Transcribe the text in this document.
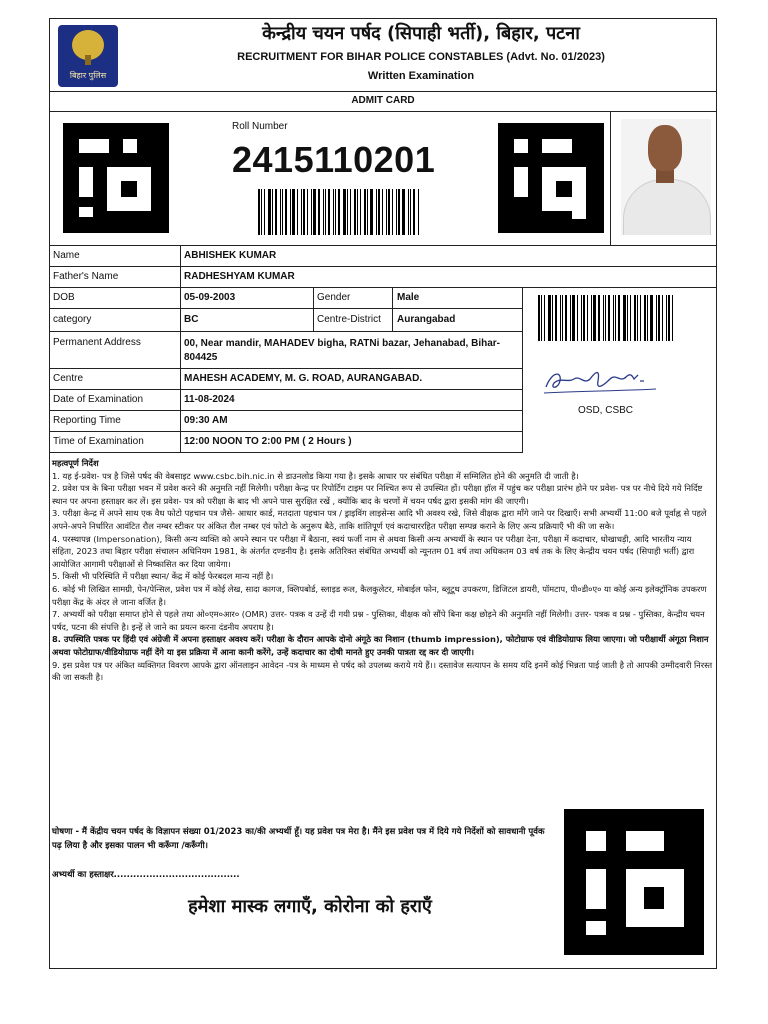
बिहार पुलिस
केन्द्रीय चयन पर्षद (सिपाही भर्ती), बिहार, पटना
RECRUITMENT FOR BIHAR POLICE CONSTABLES (Advt. No. 01/2023)
Written Examination
ADMIT CARD
Roll Number
2415110201
Name	ABHISHEK KUMAR
Father's Name	RADHESHYAM KUMAR
DOB	05-09-2003	Gender	Male
category	BC	Centre-District	Aurangabad
Permanent Address	00, Near mandir, MAHADEV bigha, RATNi bazar, Jehanabad, Bihar-804425
Centre	MAHESH ACADEMY, M. G. ROAD, AURANGABAD.
Date of Examination	11-08-2024
Reporting Time	09:30 AM
Time of Examination	12:00 NOON TO 2:00 PM ( 2 Hours )
OSD, CSBC

महत्वपूर्ण निर्देश

1. यह ई-प्रवेश- पत्र है जिसे पर्षद की वेबसाइट www.csbc.bih.nic.in से डाउनलोड किया गया है। इसके आधार पर संबंधित परीक्षा में सम्मिलित होने की अनुमति दी जाती है।

2. प्रवेश पत्र के बिना परीक्षा भवन में प्रवेश करने की अनुमति नहीं मिलेगी। परीक्षा केन्द्र पर रिपोर्टिंग टाइम पर निश्चित रूप से उपस्थित हों। परीक्षा हॉल में पहुंच कर परीक्षा प्रारंभ होने पर प्रवेश- पत्र पर नीचे दिये गये निर्दिष्ट स्थान पर अपना हस्ताक्षर कर लें। इस प्रवेश- पत्र को परीक्षा के बाद भी अपने पास सुरक्षित रखें , क्योंकि बाद के चरणों में चयन पर्षद द्वारा इसकी मांग की जाएगी।

3. परीक्षा केन्द्र में अपने साथ एक वैध फोटो पहचान पत्र जैसे- आधार कार्ड, मतदाता पहचान पत्र / ड्राइविंग लाइसेन्स आदि भी अवश्य रखे, जिसे वीक्षक द्वारा माँगे जाने पर दिखाएँ। सभी अभ्यर्थी 11:00 बजे पूर्वाह्न से पहले अपने-अपने निर्धारित आवंटित रौल नम्बर स्टीकर पर अंकित रौल नम्बर एवं फोटो के अनुरूप बैठे, ताकि शांतिपूर्ण एवं कदाचाररहित परीक्षा सम्पन्न कराने के लिए अन्य प्रक्रियाएँ भी की जा सके।

4. परस्थापन्न (Impersonation), किसी अन्य व्यक्ति को अपने स्थान पर परीक्षा में बैठाना, स्वयं फर्जी नाम से अथवा किसी अन्य अभ्यर्थी के स्थान पर परीक्षा देना, परीक्षा में कदाचार, धोखाधड़ी, आदि भारतीय न्याय संहिता, 2023 तथा बिहार परीक्षा संचालन अधिनियम 1981, के अंतर्गत दण्डनीय है। इसके अतिरिक्त संबंधित अभ्यर्थी को न्यूनतम 01 वर्ष तथा अधिकतम 03 वर्ष तक के लिए केन्द्रीय चयन पर्षद (सिपाही भर्ती) द्वारा आयोजित आगामी परीक्षाओं से निष्कासित कर दिया जायेगा।

5. किसी भी परिस्थिति में परीक्षा स्थान/ केंद्र में कोई फेरबदल मान्य नहीं है।

6. कोई भी लिखित सामग्री, पेन/पेन्सिल, प्रवेश पत्र में कोई लेख, सादा कागज, क्लिपबोर्ड, स्लाइड रूल, कैलकुलेटर, मोबाईल फोन, ब्लूटूथ उपकरण, डिजिटल डायरी, पॉमटाप, पी०डी०ए० या कोई अन्य इलेक्ट्रॉनिक उपकरण परीक्षा केंद्र के अंदर ले जाना वर्जित है।

7. अभ्यर्थी को परीक्षा समाप्त होने से पहले तथा ओ०एम०आर० (OMR) उत्तर- पत्रक व उन्हें दी गयी प्रश्न - पुस्तिका, वीक्षक को सौंपे बिना कक्ष छोड़ने की अनुमति नहीं मिलेगी। उत्तर- पत्रक व प्रश्न - पुस्तिका, केन्द्रीय चयन पर्षद, पटना की संपत्ति है। इन्हें ले जाने का प्रयत्न करना दंडनीय अपराध है।

8. उपस्थिति पत्रक पर हिंदी एवं अंग्रेजी में अपना हस्ताक्षर अवश्य करें। परीक्षा के दौरान आपके दोनो अंगूठे का निशान (thumb impression), फोटोग्राफ एवं वीडियोग्राफ लिया जाएगा। जो परीक्षार्थी अंगूठा निशान अथवा फोटोग्राफ/वीडियोग्राफ नहीं देंगे या इस प्रक्रिया में आना कानी करेंगे, उन्हें कदाचार का दोषी मानते हुए उनकी पात्रता रद्द कर दी जाएगी।

9. इस प्रवेश पत्र पर अंकित व्यक्तिगत विवरण आपके द्वारा ऑनलाइन आवेदन -पत्र के माध्यम से पर्षद को उपलब्ध कराये गये हैं।। दस्तावेज सत्यापन के समय यदि इनमें कोई भिन्नता पाई जाती है तो आपकी उम्मीदवारी निरस्त की जा सकती है।

घोषणा - मैं केंद्रीय चयन पर्षद के विज्ञापन संख्या 01/2023 का/की अभ्यर्थी हूँ। यह प्रवेश पत्र मेरा है। मैंने इस प्रवेश पत्र में दिये गये निर्देशों को सावधानी पूर्वक पढ़ लिया है और इसका पालन भी करूँगा /करूँगी।
अभ्यर्थी का हस्ताक्षर.......................................
हमेशा मास्क लगाएँ, कोरोना को हराएँ
